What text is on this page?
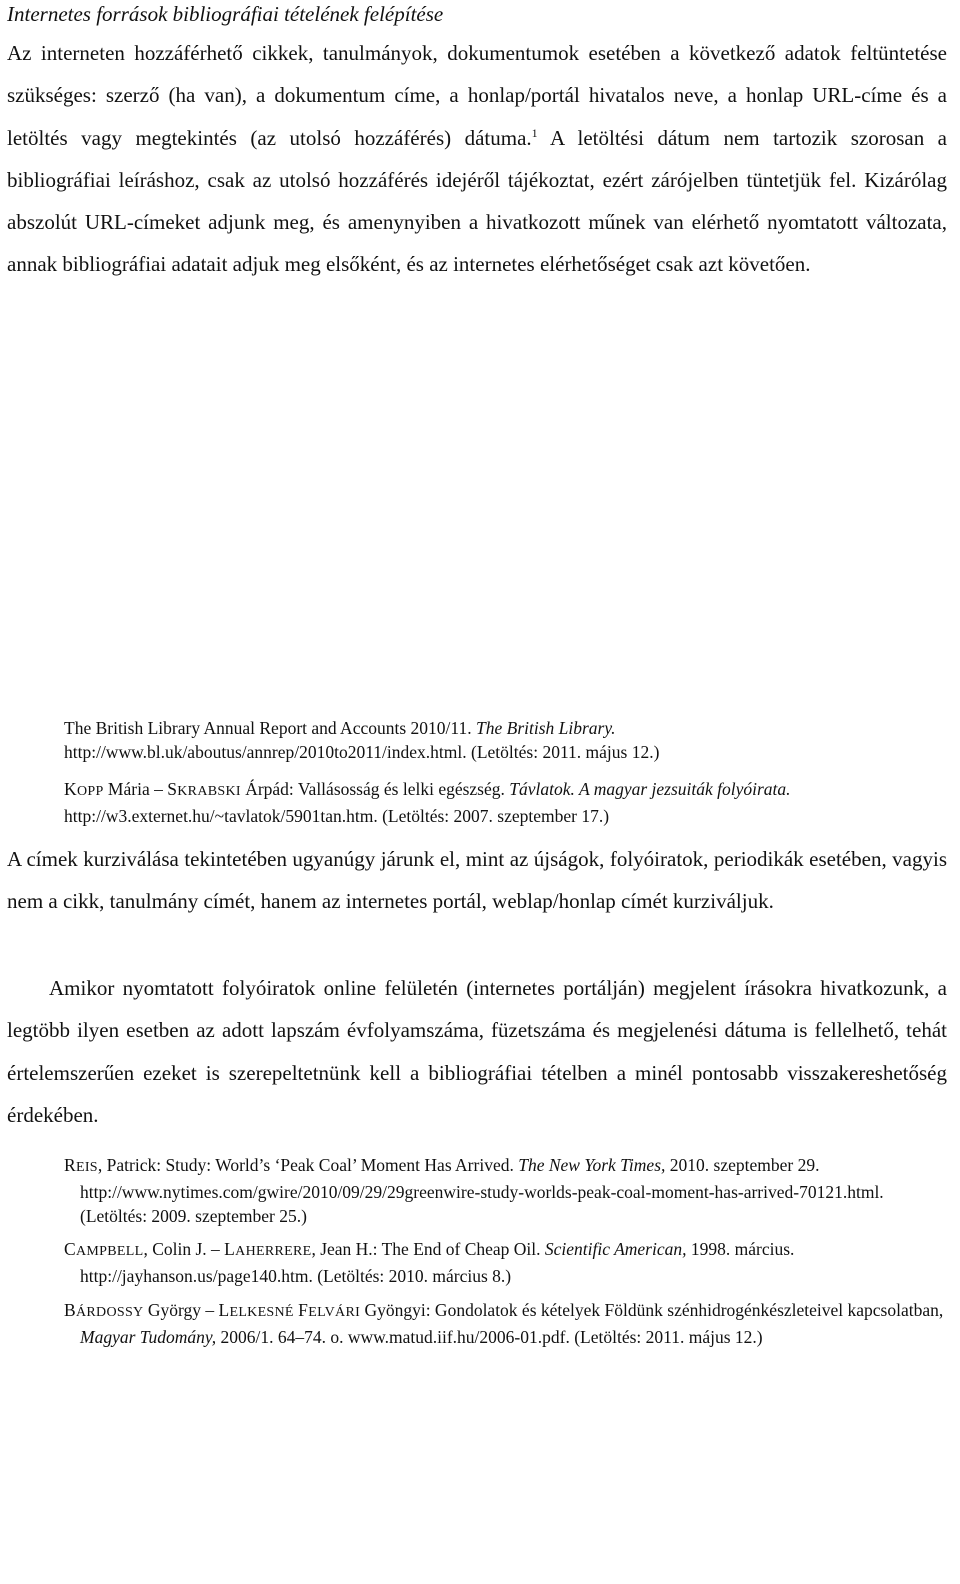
Internetes források bibliográfiai tételének felépítése

Az interneten hozzáférhető cikkek, tanulmányok, dokumentumok esetében a következő adatok feltüntetése szükséges: szerző (ha van), a dokumentum címe, a honlap/portál hivatalos neve, a honlap URL-címe és a letöltés vagy megtekintés (az utolsó hozzáférés) dátuma.$^1$ A letöltési dátum nem tartozik szorosan a bibliográfiai leíráshoz, csak az utolsó hozzáférés idejéről tájékoztat, ezért zárójelben tüntetjük fel. Kizárólag abszolút URL-címeket adjunk meg, és amenynyiben a hivatkozott műnek van elérhető nyomtatott változata, annak bibliográfiai adatait adjuk meg elsőként, és az internetes elérhetőséget csak azt követően.

The British Library Annual Report and Accounts 2010/11. The British Library.
http://www.bl.uk/aboutus/annrep/2010to2011/index.html. (Letöltés: 2011. május 12.)

KOPP Mária – SKRABSKI Árpád: Vallásosság és lelki egészség. Távlatok. A magyar jezsuiták folyóirata.
http://w3.externet.hu/~tavlatok/5901tan.htm. (Letöltés: 2007. szeptember 17.)

A címek kurziválása tekintetében ugyanúgy járunk el, mint az újságok, folyóiratok, periodikák esetében, vagyis nem a cikk, tanulmány címét, hanem az internetes portál, weblap/honlap címét kurziváljuk.

Amikor nyomtatott folyóiratok online felületén (internetes portálján) megjelent írásokra hivatkozunk, a legtöbb ilyen esetben az adott lapszám évfolyamszáma, füzetszáma és megjelenési dátuma is fellelhető, tehát értelemszerűen ezeket is szerepeltetnünk kell a bibliográfiai tételben a minél pontosabb visszakereshetőség érdekében.

REIS, Patrick: Study: World’s ‘Peak Coal’ Moment Has Arrived. The New York Times, 2010. szeptember 29. http://www.nytimes.com/gwire/2010/09/29/29greenwire-study-worlds-peak-coal-moment-has-arrived-70121.html. (Letöltés: 2009. szeptember 25.)

CAMPBELL, Colin J. – LAHERRERE, Jean H.: The End of Cheap Oil. Scientific American, 1998. március. http://jayhanson.us/page140.htm. (Letöltés: 2010. március 8.)

BÁRDOSSY György – LELKESNÉ FELVÁRI Gyöngyi: Gondolatok és kételyek Földünk szénhidrogénkészleteivel kapcsolatban, Magyar Tudomány, 2006/1. 64–74. o. www.matud.iif.hu/2006-01.pdf. (Letöltés: 2011. május 12.)
